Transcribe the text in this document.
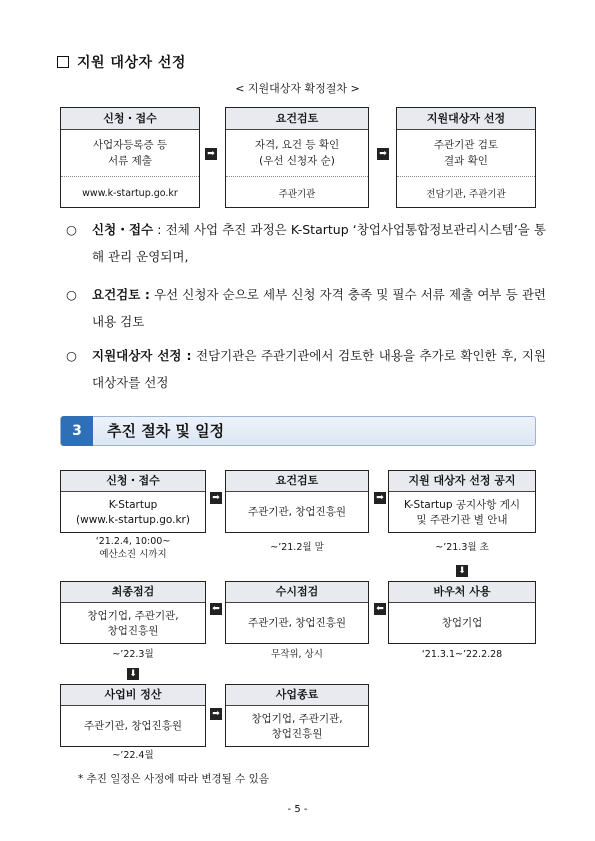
지원 대상자 선정
< 지원대상자 확정절차 >
신청・접수
사업자등록증 등
서류 제출
www.k-startup.go.kr
➡
요건검토
자격, 요건 등 확인
(우선 신청자 순)
주관기관
➡
지원대상자 선정
주관기관 검토
결과 확인
전담기관, 주관기관
○ 신청・접수 : 전체 사업 추진 과정은 K-Startup ‘창업사업통합정보관리시스템’을 통해 관리 운영되며,
○ 요건검토 : 우선 신청자 순으로 세부 신청 자격 충족 및 필수 서류 제출 여부 등 관련 내용 검토
○ 지원대상자 선정 : 전담기관은 주관기관에서 검토한 내용을 추가로 확인한 후, 지원 대상자를 선정
3	추진 절차 및 일정
신청・접수
K-Startup
(www.k-startup.go.kr)
‘21.2.4, 10:00~
예산소진 시까지
➡
요건검토
주관기관, 창업진흥원
~’21.2월 말
➡
지원 대상자 선정 공지
K-Startup 공지사항 게시
및 주관기관 별 안내
~’21.3월 초
⬇
최종점검
창업기업, 주관기관,
창업진흥원
~’22.3월
⬅
⬇
수시점검
주관기관, 창업진흥원
무작위, 상시
⬅
바우처 사용
창업기업
‘21.3.1~’22.2.28
사업비 정산
주관기관, 창업진흥원
~’22.4월
➡
사업종료
창업기업, 주관기관,
창업진흥원
* 추진 일정은 사정에 따라 변경될 수 있음
- 5 -
